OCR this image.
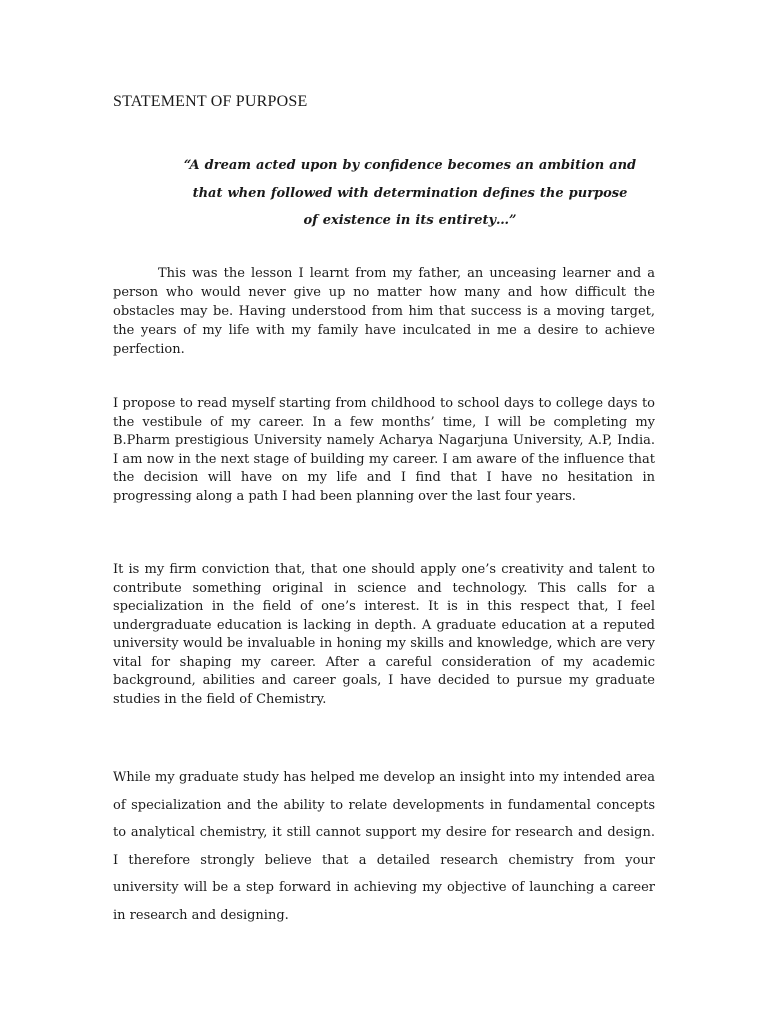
STATEMENT OF PURPOSE
“A dream acted upon by confidence becomes an ambition and
that when followed with determination defines the purpose
of existence in its entirety…”

This was the lesson I learnt from my father, an unceasing learner and a person who would never give up no matter how many and how difficult the obstacles may be. Having understood from him that success is a moving target, the years of my life with my family have inculcated in me a desire to achieve perfection.

I propose to read myself starting from childhood to school days to college days to the vestibule of my career. In a few months’ time, I will be completing my B.Pharm prestigious University namely Acharya Nagarjuna University, A.P, India. I am now in the next stage of building my career. I am aware of the influence that the decision will have on my life and I find that I have no hesitation in progressing along a path I had been planning over the last four years.

It is my firm conviction that, that one should apply one’s creativity and talent to contribute something original in science and technology. This calls for a specialization in the field of one’s interest. It is in this respect that, I feel undergraduate education is lacking in depth. A graduate education at a reputed university would be invaluable in honing my skills and knowledge, which are very vital for shaping my career. After a careful consideration of my academic background, abilities and career goals, I have decided to pursue my graduate studies in the field of Chemistry.

While my graduate study has helped me develop an insight into my intended area of specialization and the ability to relate developments in fundamental concepts to analytical chemistry, it still cannot support my desire for research and design. I therefore strongly believe that a detailed research chemistry from your university will be a step forward in achieving my objective of launching a career in research and designing.
